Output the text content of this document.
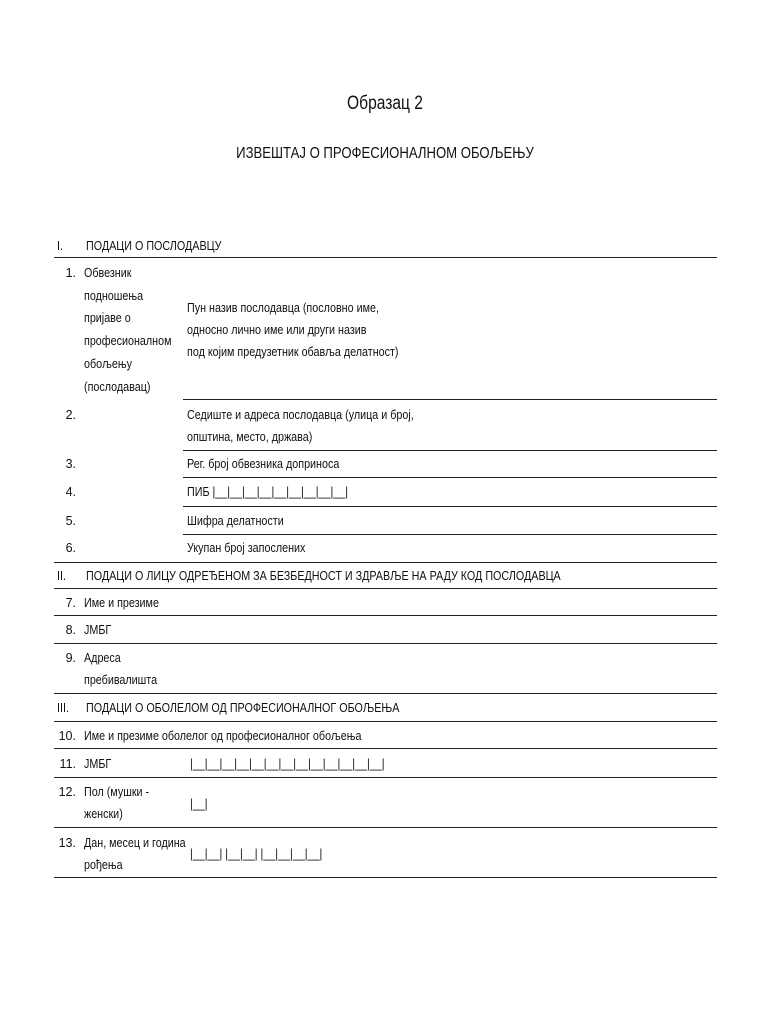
Образац 2
ИЗВЕШТАЈ О ПРОФЕСИОНАЛНОМ ОБОЉЕЊУ
I. ПОДАЦИ О ПОСЛОДАВЦУ
1. Обвезник
подношења
пријаве о
професионалном
обољењу
(послодавац)
Пун назив послодавца (пословно име,
односно лично име или други назив
под којим предузетник обавља делатност)
2.	Седиште и адреса послодавца (улица и број,
општина, место, држава)
3.	Рег. број обвезника доприноса
4.	ПИБ |__|__|__|__|__|__|__|__|__|
5.	Шифра делатности
6.	Укупан број запослених
II. ПОДАЦИ О ЛИЦУ ОДРЕЂЕНОМ ЗА БЕЗБЕДНОСТ И ЗДРАВЉЕ НА РАДУ КОД ПОСЛОДАВЦА
7. Име и презиме
8. ЈМБГ
9. Адреса
пребивалишта
III. ПОДАЦИ О ОБОЛЕЛОМ ОД ПРОФЕСИОНАЛНОГ ОБОЉЕЊА
10. Име и презиме оболелог од професионалног обољења
11. ЈМБГ	|__|__|__|__|__|__|__|__|__|__|__|__|__|
12. Пол (мушки -
женски)
|__|
13. Дан, месец и година
рођења
|__|__| |__|__| |__|__|__|__|
